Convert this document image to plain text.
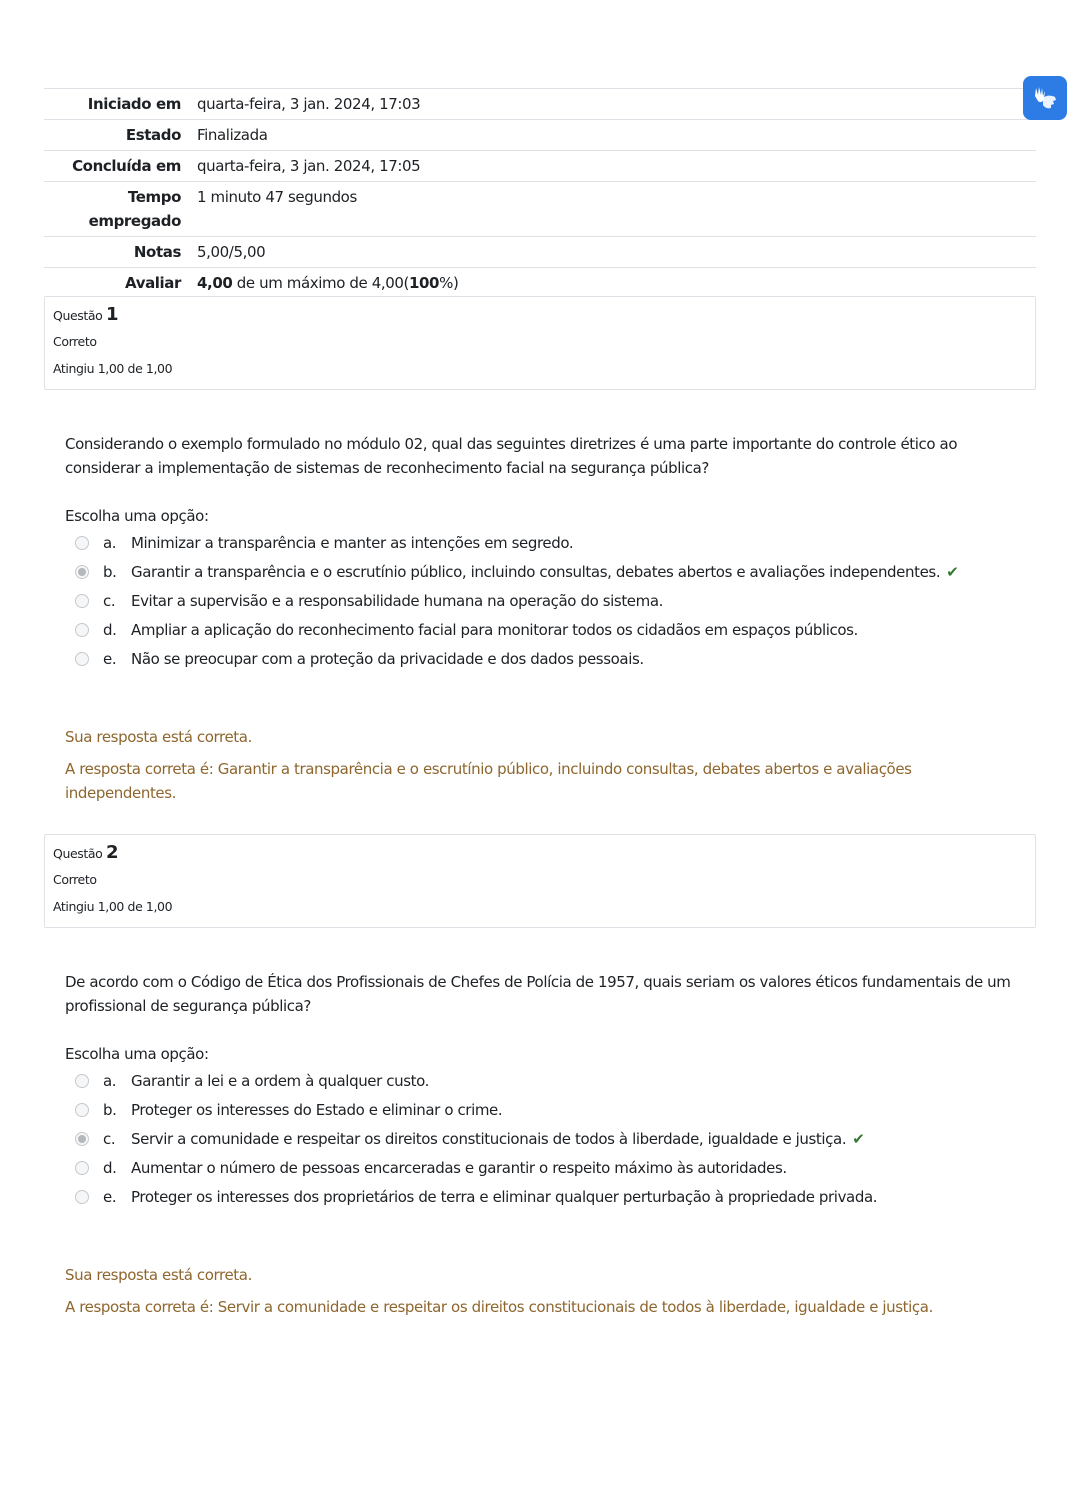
Iniciado em	quarta-feira, 3 jan. 2024, 17:03
Estado	Finalizada
Concluída em	quarta-feira, 3 jan. 2024, 17:05
Tempo empregado	1 minuto 47 segundos
Notas	5,00/5,00
Avaliar	4,00 de um máximo de 4,00(100%)
Questão 1
Correto
Atingiu 1,00 de 1,00

Considerando o exemplo formulado no módulo 02, qual das seguintes diretrizes é uma parte importante do controle ético ao considerar a implementação de sistemas de reconhecimento facial na segurança pública?

Escolha uma opção:
a. Minimizar a transparência e manter as intenções em segredo.
b. Garantir a transparência e o escrutínio público, incluindo consultas, debates abertos e avaliações independentes. ✔
c.	Evitar a supervisão e a responsabilidade humana na operação do sistema.
d. Ampliar a aplicação do reconhecimento facial para monitorar todos os cidadãos em espaços públicos.
e. Não se preocupar com a proteção da privacidade e dos dados pessoais.
Sua resposta está correta.
A resposta correta é: Garantir a transparência e o escrutínio público, incluindo consultas, debates abertos e avaliações independentes.
Questão 2
Correto
Atingiu 1,00 de 1,00

De acordo com o Código de Ética dos Profissionais de Chefes de Polícia de 1957, quais seriam os valores éticos fundamentais de um profissional de segurança pública?

Escolha uma opção:
a. Garantir a lei e a ordem à qualquer custo.
b. Proteger os interesses do Estado e eliminar o crime.
c.	Servir a comunidade e respeitar os direitos constitucionais de todos à liberdade, igualdade e justiça. ✔
d. Aumentar o número de pessoas encarceradas e garantir o respeito máximo às autoridades.
e. Proteger os interesses dos proprietários de terra e eliminar qualquer perturbação à propriedade privada.
Sua resposta está correta.
A resposta correta é: Servir a comunidade e respeitar os direitos constitucionais de todos à liberdade, igualdade e justiça.
